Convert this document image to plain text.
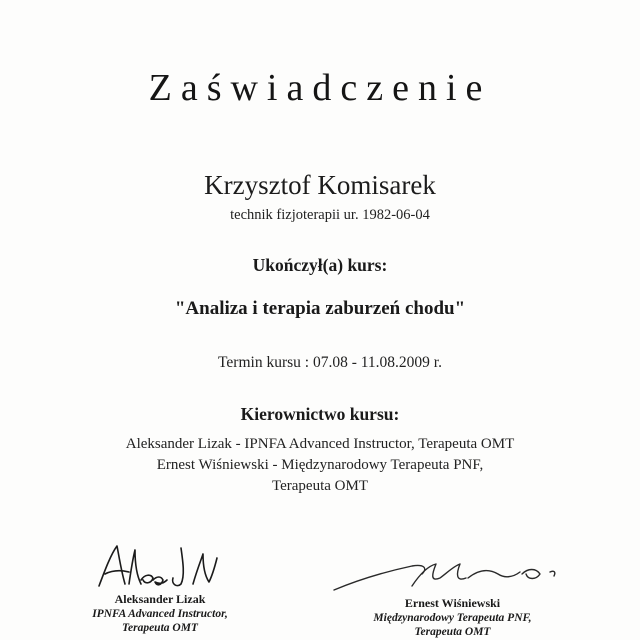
Zaświadczenie
Krzysztof Komisarek
technik fizjoterapii ur. 1982-06-04
Ukończył(a) kurs:
"Analiza i terapia zaburzeń chodu"
Termin kursu : 07.08 - 11.08.2009 r.
Kierownictwo kursu:
Aleksander Lizak - IPNFA Advanced Instructor, Terapeuta OMT
Ernest Wiśniewski - Międzynarodowy Terapeuta PNF,
Terapeuta OMT
Aleksander Lizak
IPNFA Advanced Instructor,
Terapeuta OMT
Ernest Wiśniewski
Międzynarodowy Terapeuta PNF,
Terapeuta OMT
